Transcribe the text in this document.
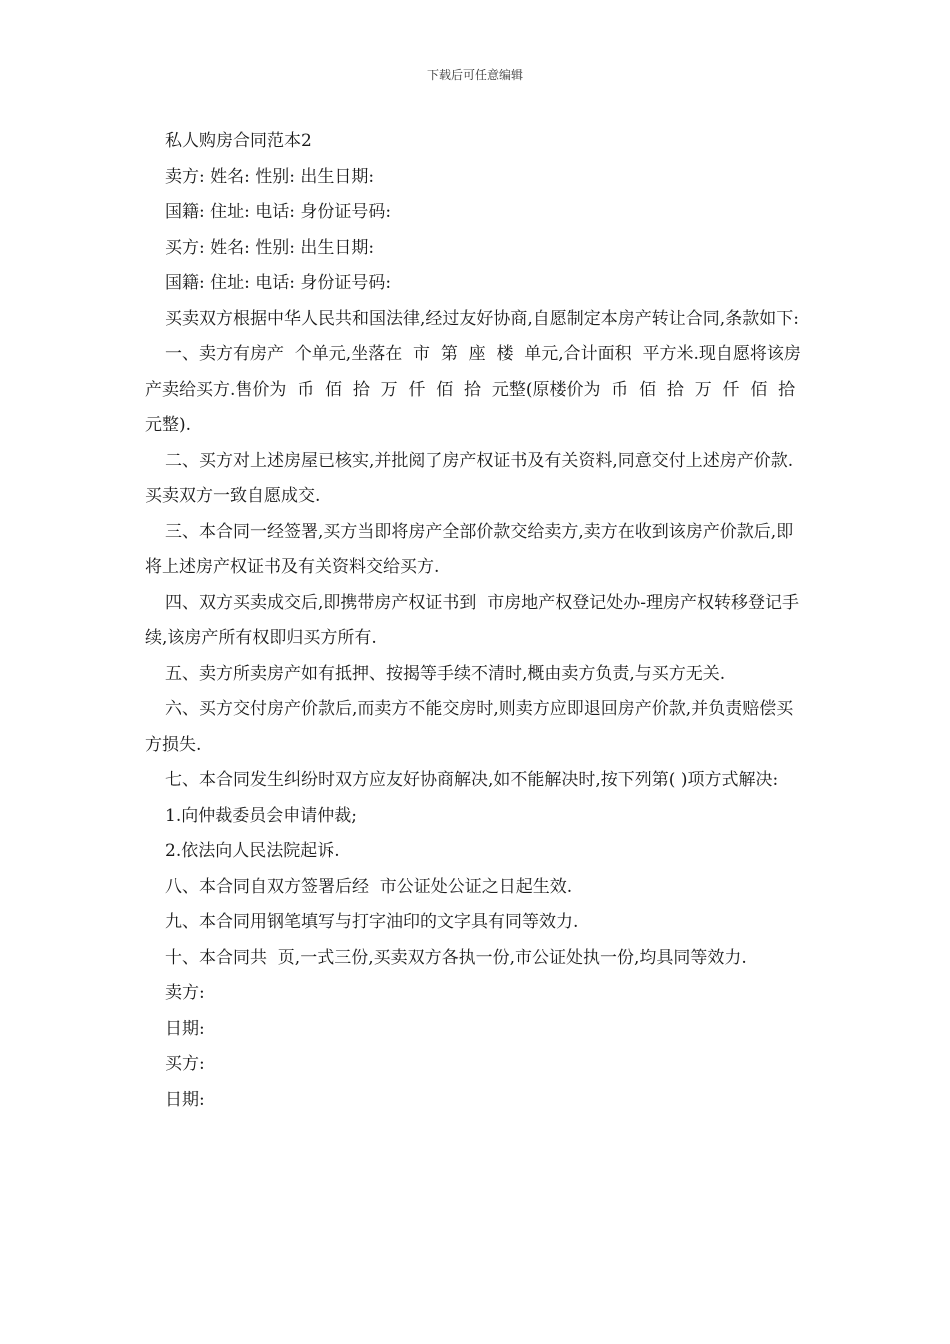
下载后可任意编辑

私人购房合同范本2

卖方: 姓名: 性别: 出生日期:

国籍: 住址: 电话: 身份证号码:

买方: 姓名: 性别: 出生日期:

国籍: 住址: 电话: 身份证号码:

买卖双方根据中华人民共和国法律,经过友好协商,自愿制定本房产转让合同,条款如下:

一、卖方有房产  个单元,坐落在  市  第  座  楼  单元,合计面积  平方米.现自愿将该房产卖给买方.售价为  币  佰  拾  万  仟  佰  拾  元整(原楼价为  币  佰  拾  万  仟  佰  拾  元整).

二、买方对上述房屋已核实,并批阅了房产权证书及有关资料,同意交付上述房产价款.买卖双方一致自愿成交.

三、本合同一经签署,买方当即将房产全部价款交给卖方,卖方在收到该房产价款后,即将上述房产权证书及有关资料交给买方.

四、双方买卖成交后,即携带房产权证书到  市房地产权登记处办-理房产权转移登记手续,该房产所有权即归买方所有.

五、卖方所卖房产如有抵押、按揭等手续不清时,概由卖方负责,与买方无关.

六、买方交付房产价款后,而卖方不能交房时,则卖方应即退回房产价款,并负责赔偿买方损失.

七、本合同发生纠纷时双方应友好协商解决,如不能解决时,按下列第( )项方式解决:

1.向仲裁委员会申请仲裁;

2.依法向人民法院起诉.

八、本合同自双方签署后经  市公证处公证之日起生效.

九、本合同用钢笔填写与打字油印的文字具有同等效力.

十、本合同共  页,一式三份,买卖双方各执一份,市公证处执一份,均具同等效力.

卖方:

日期:

买方:

日期:
